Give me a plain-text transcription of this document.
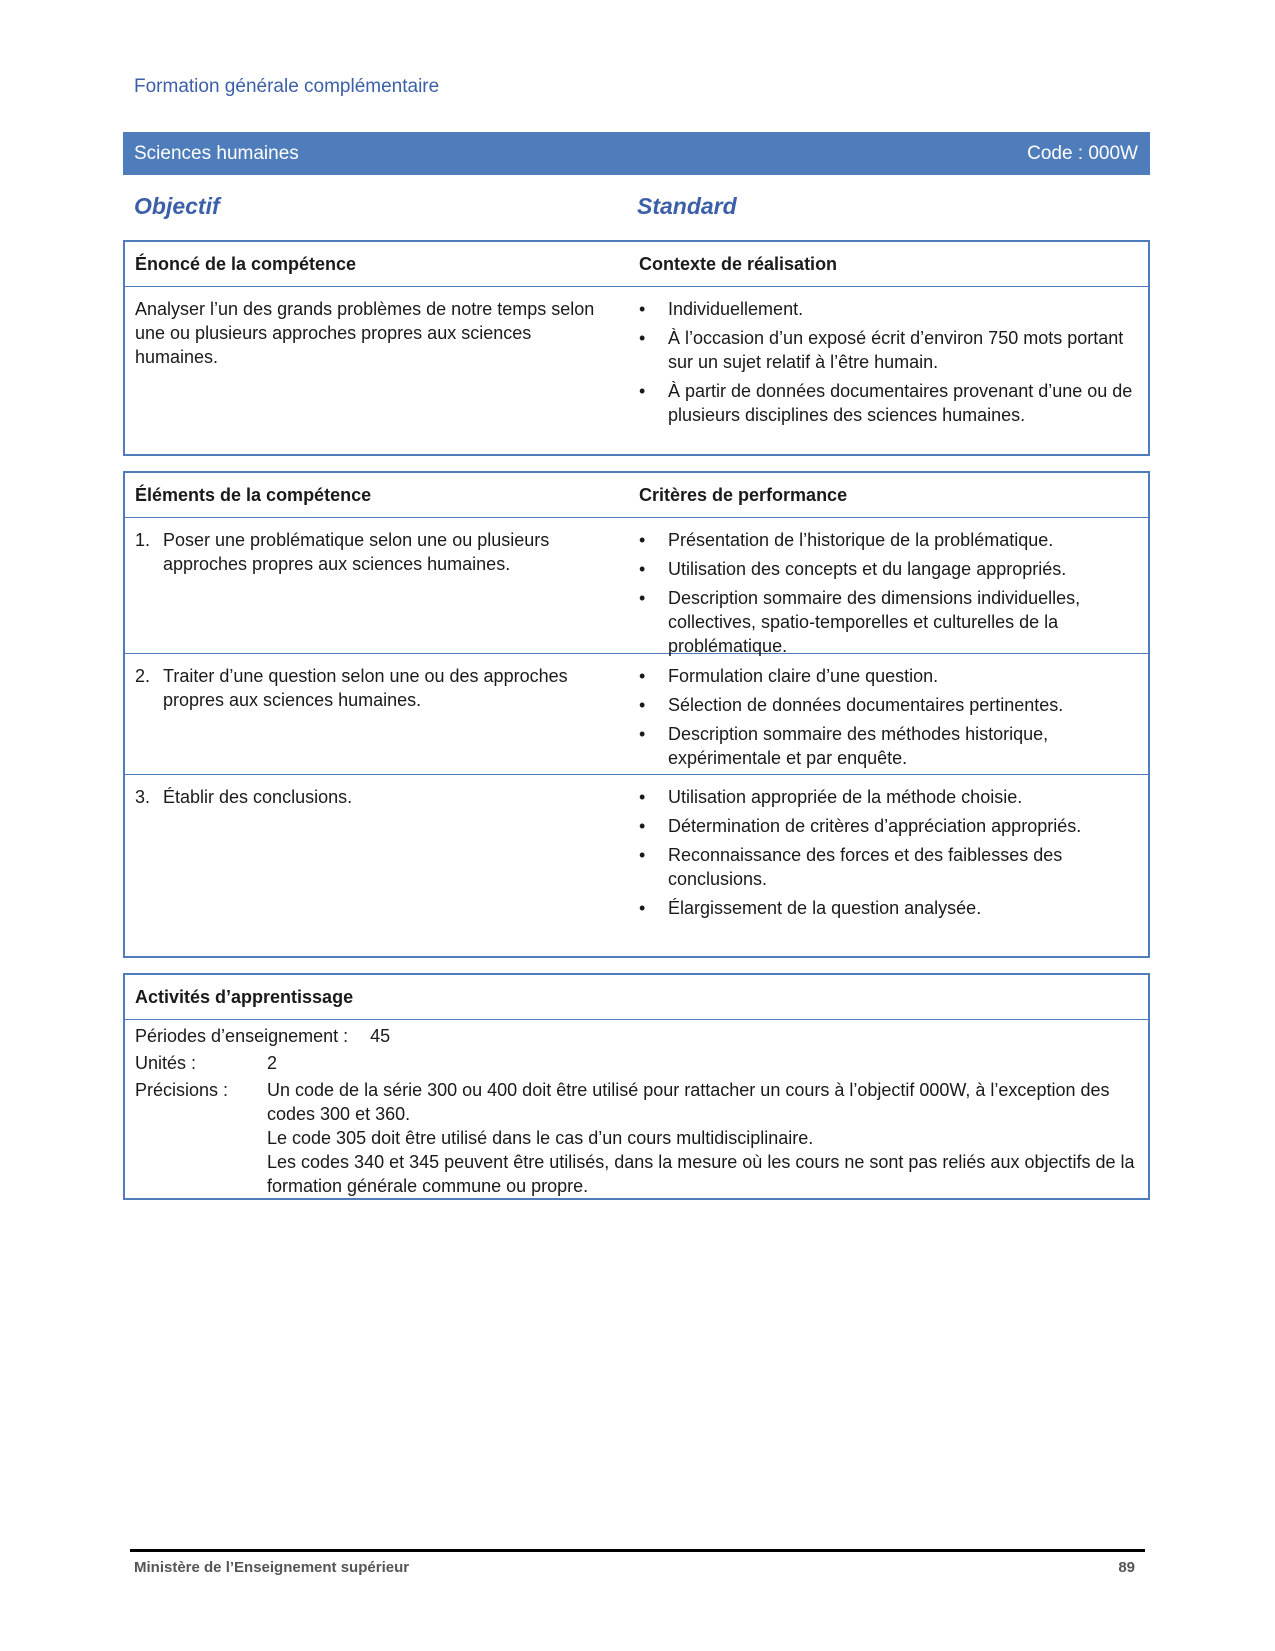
Formation générale complémentaire
Sciences humaines	Code : 000W
Objectif	Standard
Énoncé de la compétence	Contexte de réalisation
Analyser l’un des grands problèmes de notre temps selon une ou plusieurs approches propres aux sciences humaines.
• Individuellement.
• À l’occasion d’un exposé écrit d’environ 750 mots portant sur un sujet relatif à l’être humain.
• À partir de données documentaires provenant d’une ou de plusieurs disciplines des sciences humaines.
Éléments de la compétence	Critères de performance
1. Poser une problématique selon une ou plusieurs approches propres aux sciences humaines.
• Présentation de l’historique de la problématique.
• Utilisation des concepts et du langage appropriés.
• Description sommaire des dimensions individuelles, collectives, spatio-temporelles et culturelles de la problématique.
2. Traiter d’une question selon une ou des approches propres aux sciences humaines.
• Formulation claire d’une question.
• Sélection de données documentaires pertinentes.
• Description sommaire des méthodes historique, expérimentale et par enquête.
3. Établir des conclusions.
•	Utilisation appropriée de la méthode choisie.
• Détermination de critères d’appréciation appropriés.
• Reconnaissance des forces et des faiblesses des conclusions.
• Élargissement de la question analysée.
Activités d’apprentissage
Périodes d’enseignement : 45
Unités :	2
Précisions :	Un code de la série 300 ou 400 doit être utilisé pour rattacher un cours à l’objectif 000W, à l’exception des codes 300 et 360.
Le code 305 doit être utilisé dans le cas d’un cours multidisciplinaire.
Les codes 340 et 345 peuvent être utilisés, dans la mesure où les cours ne sont pas reliés aux objectifs de la formation générale commune ou propre.
Ministère de l’Enseignement supérieur	89
